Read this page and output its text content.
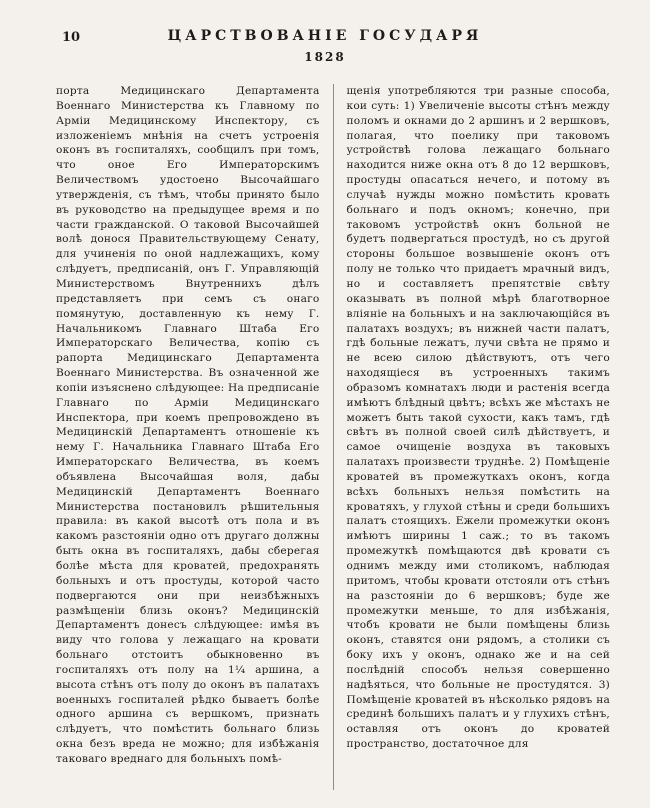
10	ЦАРСТВОВАНІЕ ГОСУДАРЯ
1828
порта Медицинскаго Департамента Военнаго Министерства къ Главному по Арміи Медицинскому Инспектору, съ изложеніемъ мнѣнія на счетъ устроенія оконъ въ госпиталяхъ, сообщилъ при томъ, что оное Его Императорскимъ Величествомъ удостоено Высочайшаго утвержденія, съ тѣмъ, чтобы принято было въ руководство на предыдущее время и по части гражданской. О таковой Высочайшей волѣ донося Правительствующему Сенату, для учиненія по оной надлежащихъ, кому слѣдуетъ, предписаній, онъ Г. Управляющій Министерствомъ Внутреннихъ дѣлъ представляетъ при семъ съ онаго помянутую, доставленную къ нему Г. Начальникомъ Главнаго Штаба Его Императорскаго Величества, копію съ рапорта Медицинскаго Департамента Военнаго Министерства. Въ означенной же копіи изъяснено слѣдующее: На предписаніе Главнаго по Арміи Медицинскаго Инспектора, при коемъ препровождено въ Медицинскій Департаментъ отношеніе къ нему Г. Начальника Главнаго Штаба Его Императорскаго Величества, въ коемъ объявлена Высочайшая воля, дабы Медицинскій Департаментъ Военнаго Министерства постановилъ рѣшительныя правила: въ какой высотѣ отъ пола и въ какомъ разстояніи одно отъ другаго должны быть окна въ госпиталяхъ, дабы сберегая болѣе мѣста для кроватей, предохранять больныхъ и отъ простуды, которой часто подвергаются они при неизбѣжныхъ размѣщеніи близь оконъ? Медицинскій Департаментъ донесъ слѣдующее: имѣя въ виду что голова у лежащаго на кровати больнаго отстоитъ обыкновенно въ госпиталяхъ отъ полу на 1¼ аршина, а высота стѣнъ отъ полу до оконъ въ палатахъ военныхъ госпиталей рѣдко бываетъ болѣе одного аршина съ вершкомъ, признать слѣдуетъ, что помѣстить больнаго близь окна безъ вреда не можно; для избѣжанія таковаго вреднаго для больныхъ помѣ-
щенія употребляются три разные способа, кои суть: 1) Увеличеніе высоты стѣнъ между поломъ и окнами до 2 аршинъ и 2 вершковъ, полагая, что поелику при таковомъ устройствѣ голова лежащаго больнаго находится ниже окна отъ 8 до 12 вершковъ, простуды опасаться нечего, и потому въ случаѣ нужды можно помѣстить кровать больнаго и подъ окномъ; конечно, при таковомъ устройствѣ окнъ больной не будетъ подвергаться простудѣ, но съ другой стороны большое возвышеніе оконъ отъ полу не только что придаетъ мрачный видъ, но и составляетъ препятствіе свѣту оказывать въ полной мѣрѣ благотворное вліяніе на больныхъ и на заключающійся въ палатахъ воздухъ; въ нижней части палатъ, гдѣ больные лежатъ, лучи свѣта не прямо и не всею силою дѣйствуютъ, отъ чего находящіеся въ устроенныхъ такимъ образомъ комнатахъ люди и растенія всегда имѣютъ блѣдный цвѣтъ; всѣхъ же мѣстахъ не можетъ быть такой сухости, какъ тамъ, гдѣ свѣтъ въ полной своей силѣ дѣйствуетъ, и самое очищеніе воздуха въ таковыхъ палатахъ произвести труднѣе. 2) Помѣщеніе кроватей въ промежуткахъ оконъ, когда всѣхъ больныхъ нельзя помѣстить на кроватяхъ, у глухой стѣны и среди большихъ палатъ стоящихъ. Ежели промежутки оконъ имѣютъ ширины 1 саж.; то въ такомъ промежуткѣ помѣщаются двѣ кровати съ однимъ между ими столикомъ, наблюдая притомъ, чтобы кровати отстояли отъ стѣнъ на разстояніи до 6 вершковъ; буде же промежутки меньше, то для избѣжанія, чтобъ кровати не были помѣщены близь оконъ, ставятся они рядомъ, а столики съ боку ихъ у оконъ, однако же и на сей послѣдній способъ нельзя совершенно надѣяться, что больные не простудятся. 3) Помѣщеніе кроватей въ нѣсколько рядовъ на срединѣ большихъ палатъ и у глухихъ стѣнъ, оставляя отъ оконъ до кроватей пространство, достаточное для
